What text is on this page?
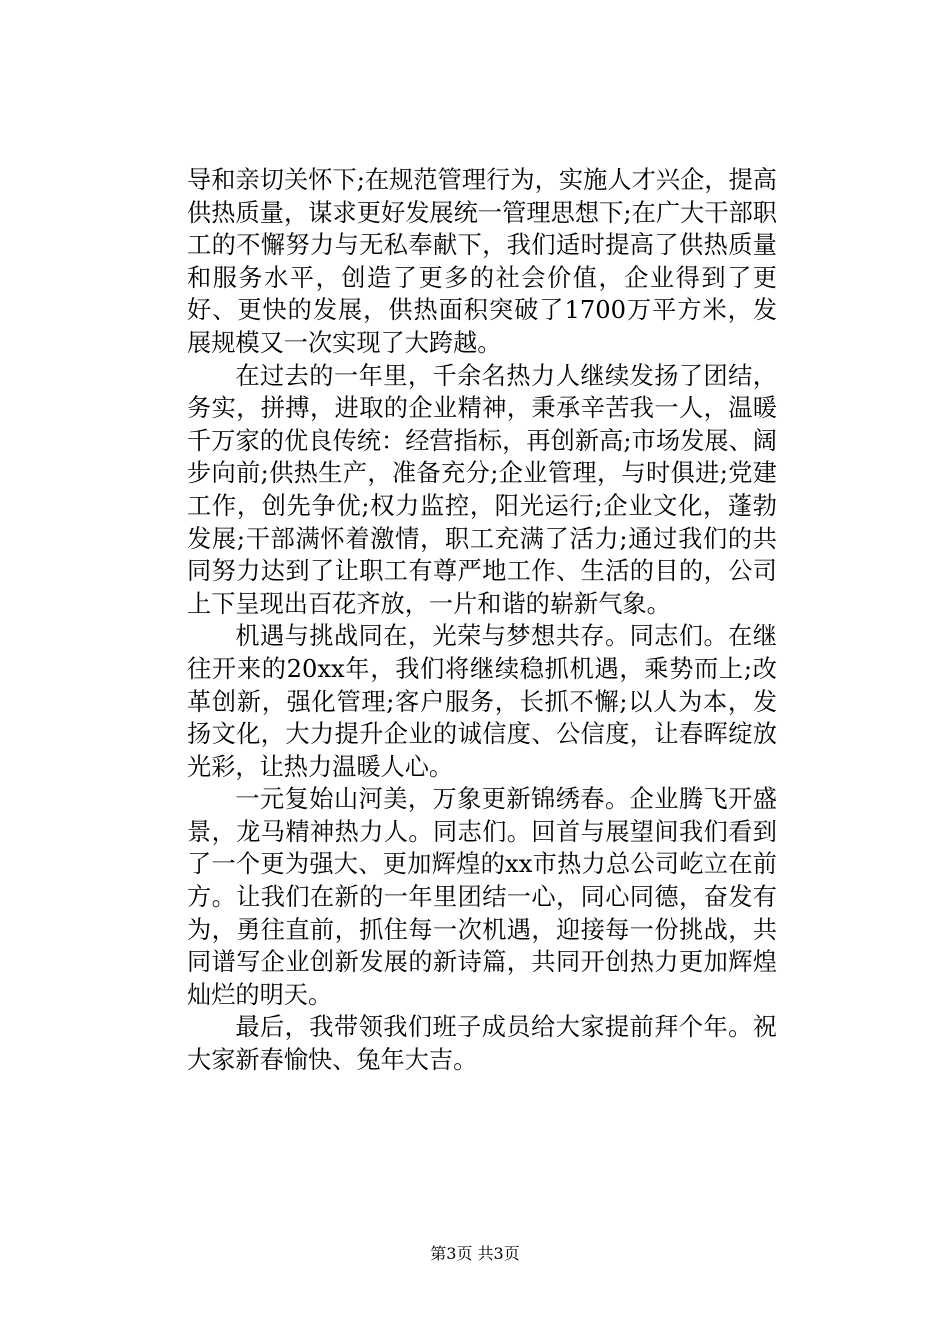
导和亲切关怀下;在规范管理行为，实施人才兴企，提高供热质量，谋求更好发展统一管理思想下;在广大干部职工的不懈努力与无私奉献下，我们适时提高了供热质量和服务水平，创造了更多的社会价值，企业得到了更好、更快的发展，供热面积突破了1700万平方米，发展规模又一次实现了大跨越。

在过去的一年里，千余名热力人继续发扬了团结，务实，拼搏，进取的企业精神，秉承辛苦我一人，温暖千万家的优良传统：经营指标，再创新高;市场发展、阔步向前;供热生产，准备充分;企业管理，与时俱进;党建工作，创先争优;权力监控，阳光运行;企业文化，蓬勃发展;干部满怀着激情，职工充满了活力;通过我们的共同努力达到了让职工有尊严地工作、生活的目的，公司上下呈现出百花齐放，一片和谐的崭新气象。

机遇与挑战同在，光荣与梦想共存。同志们。在继往开来的20xx年，我们将继续稳抓机遇，乘势而上;改革创新，强化管理;客户服务，长抓不懈;以人为本，发扬文化，大力提升企业的诚信度、公信度，让春晖绽放光彩，让热力温暖人心。

一元复始山河美，万象更新锦绣春。企业腾飞开盛景，龙马精神热力人。同志们。回首与展望间我们看到了一个更为强大、更加辉煌的xx市热力总公司屹立在前方。让我们在新的一年里团结一心，同心同德，奋发有为，勇往直前，抓住每一次机遇，迎接每一份挑战，共同谱写企业创新发展的新诗篇，共同开创热力更加辉煌灿烂的明天。

最后，我带领我们班子成员给大家提前拜个年。祝大家新春愉快、兔年大吉。

第3页 共3页
